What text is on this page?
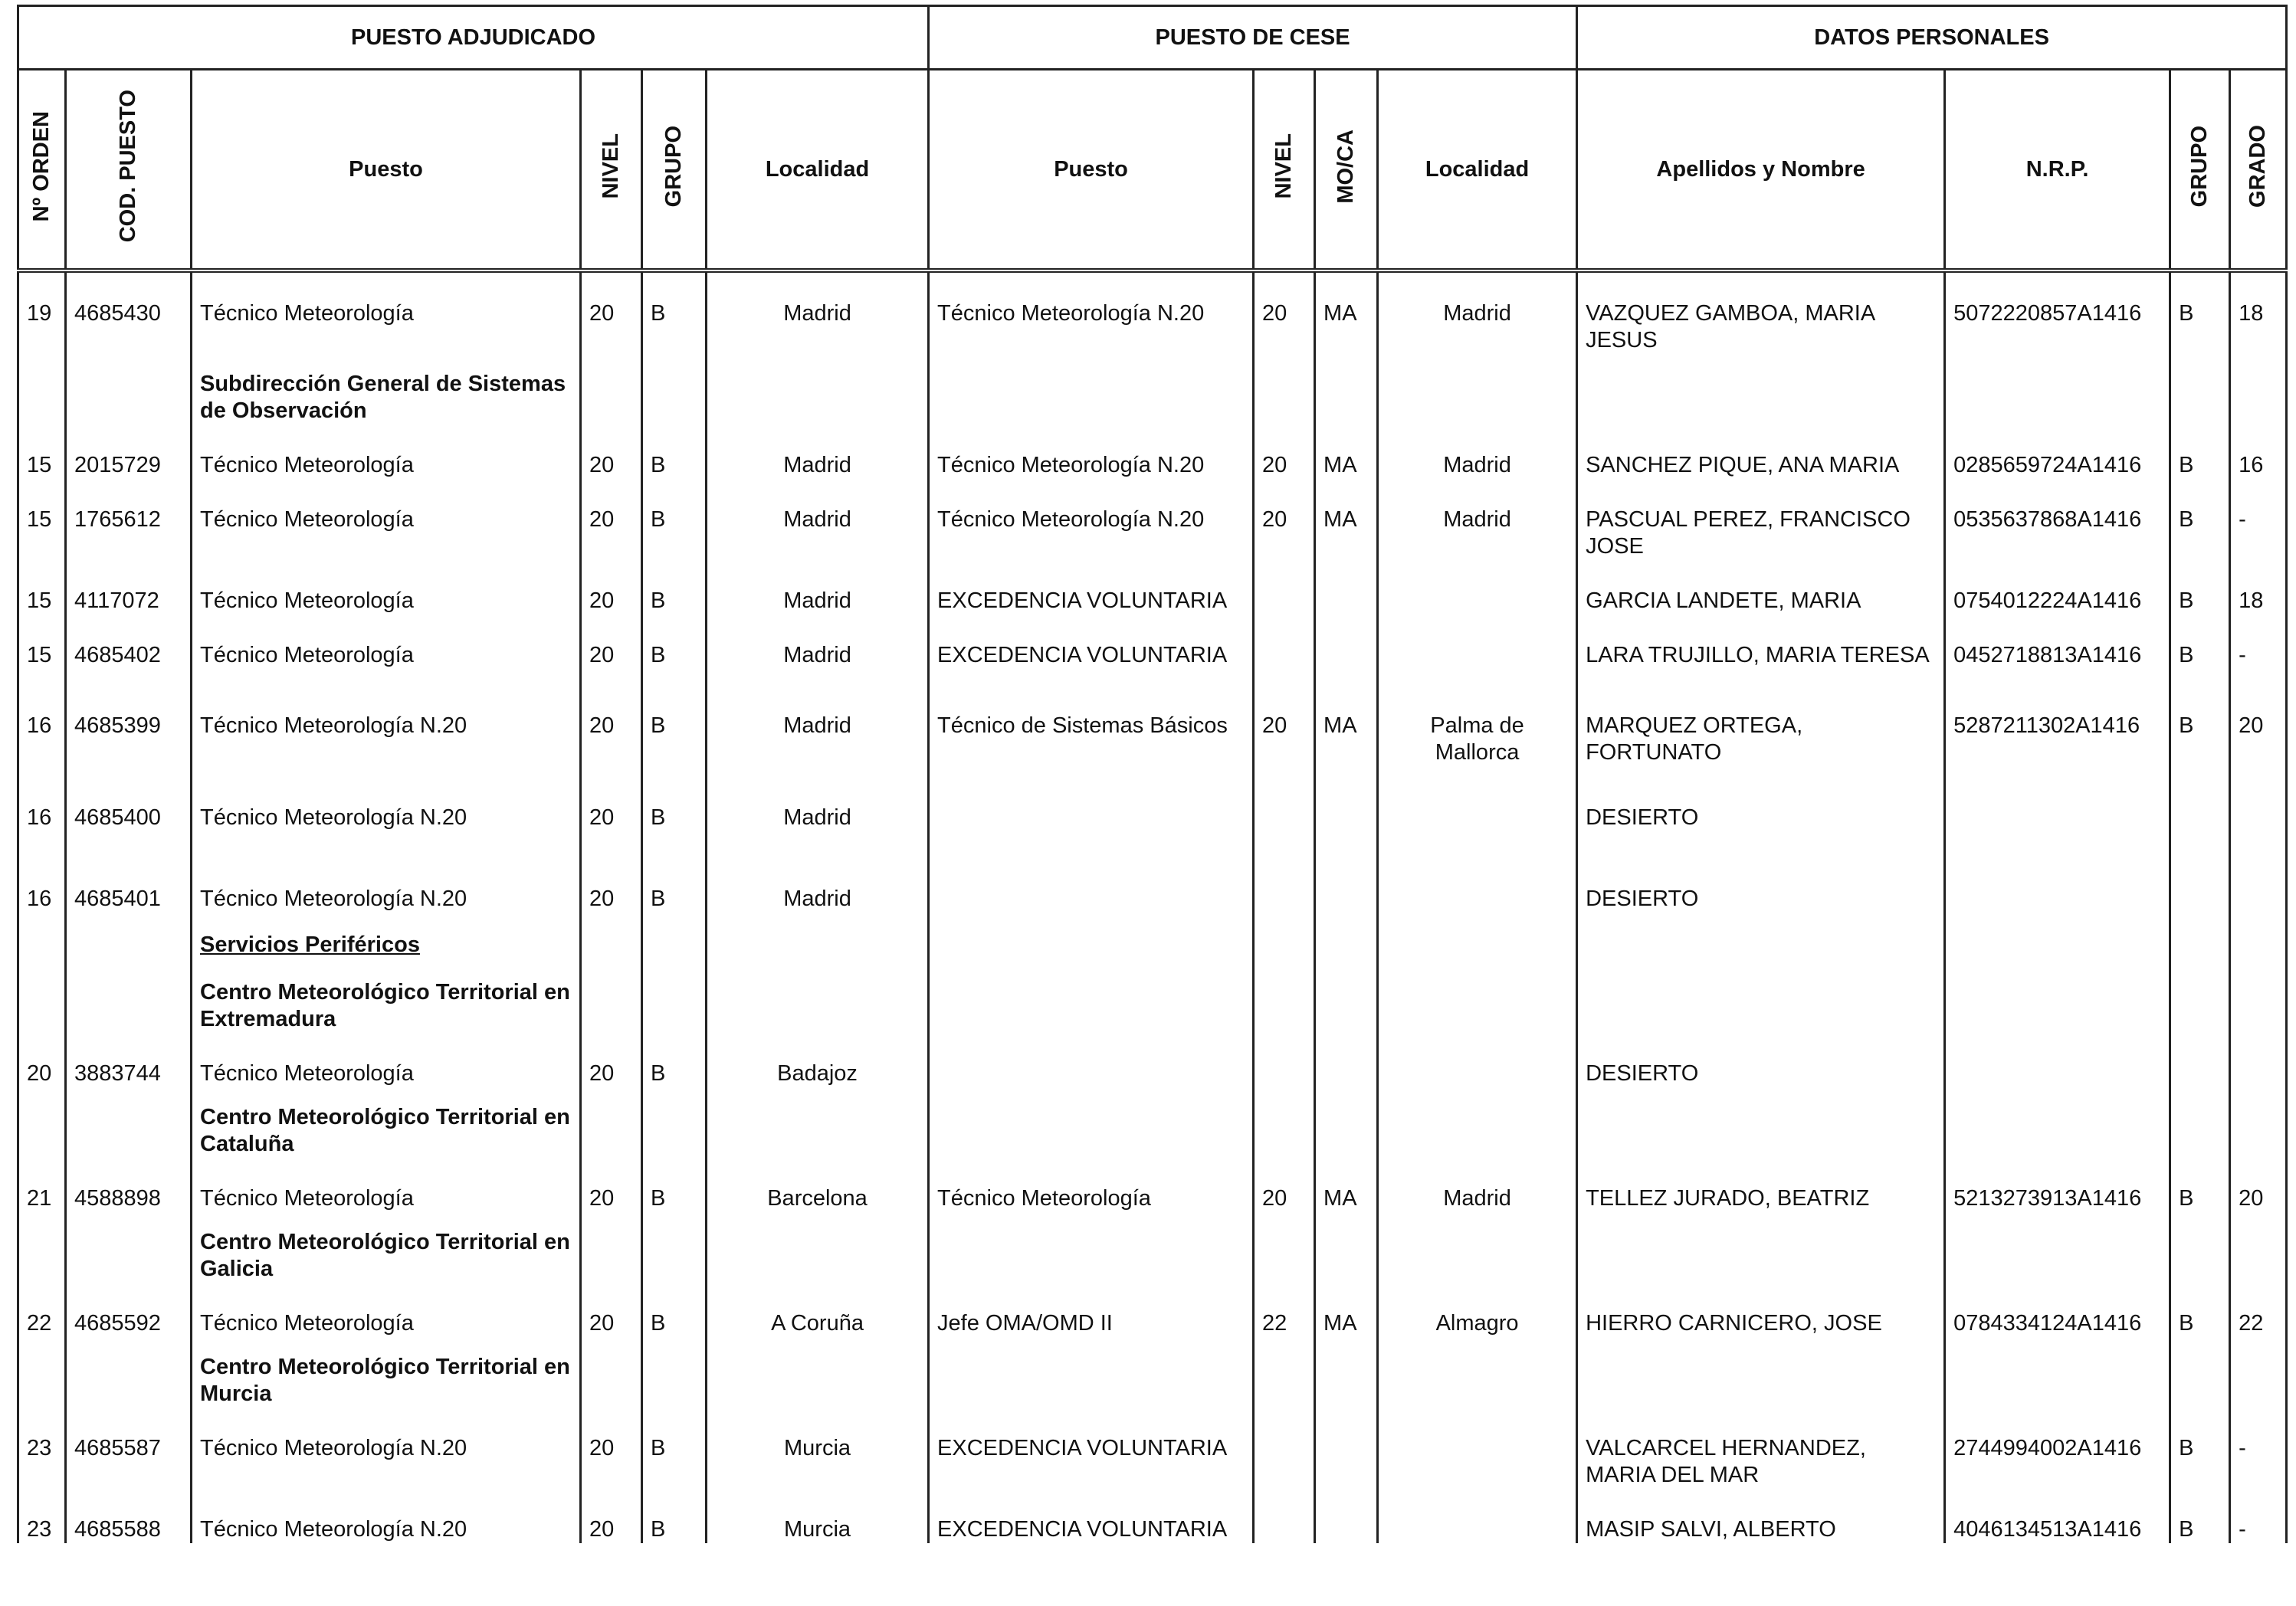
PUESTO ADJUDICADO						PUESTO DE CESE				DATOS PERSONALES			
Nº ORDEN	COD. PUESTO	Puesto	NIVEL	GRUPO	Localidad	Puesto	NIVEL	MO/CA	Localidad	Apellidos y Nombre	N.R.P.	GRUPO	GRADO
19	4685430	Técnico Meteorología	20	B	Madrid	Técnico Meteorología N.20	20	MA	Madrid	VAZQUEZ GAMBOA, MARIA JESUS	5072220857A1416	B	18
		Subdirección General de Sistemas de Observación											
15	2015729	Técnico Meteorología	20	B	Madrid	Técnico Meteorología N.20	20	MA	Madrid	SANCHEZ PIQUE, ANA MARIA	0285659724A1416	B	16
15	1765612	Técnico Meteorología	20	B	Madrid	Técnico Meteorología N.20	20	MA	Madrid	PASCUAL PEREZ, FRANCISCO JOSE	0535637868A1416	B	-
15	4117072	Técnico Meteorología	20	B	Madrid	EXCEDENCIA VOLUNTARIA				GARCIA LANDETE, MARIA	0754012224A1416	B	18
15	4685402	Técnico Meteorología	20	B	Madrid	EXCEDENCIA VOLUNTARIA				LARA TRUJILLO, MARIA TERESA	0452718813A1416	B	-
16	4685399	Técnico Meteorología N.20	20	B	Madrid	Técnico de Sistemas Básicos	20	MA	Palma de Mallorca	MARQUEZ ORTEGA, FORTUNATO	5287211302A1416	B	20
16	4685400	Técnico Meteorología N.20	20	B	Madrid					DESIERTO			
16	4685401	Técnico Meteorología N.20	20	B	Madrid					DESIERTO			
		Servicios Periféricos											
		Centro Meteorológico Territorial en Extremadura											
20	3883744	Técnico Meteorología	20	B	Badajoz					DESIERTO			
		Centro Meteorológico Territorial en Cataluña											
21	4588898	Técnico Meteorología	20	B	Barcelona	Técnico Meteorología	20	MA	Madrid	TELLEZ JURADO, BEATRIZ	5213273913A1416	B	20
		Centro Meteorológico Territorial en Galicia											
22	4685592	Técnico Meteorología	20	B	A Coruña	Jefe OMA/OMD II	22	MA	Almagro	HIERRO CARNICERO, JOSE	0784334124A1416	B	22
		Centro Meteorológico Territorial en Murcia											
23	4685587	Técnico Meteorología N.20	20	B	Murcia	EXCEDENCIA VOLUNTARIA				VALCARCEL HERNANDEZ, MARIA DEL MAR	2744994002A1416	B	-
23	4685588	Técnico Meteorología N.20	20	B	Murcia	EXCEDENCIA VOLUNTARIA				MASIP SALVI, ALBERTO	4046134513A1416	B	-
